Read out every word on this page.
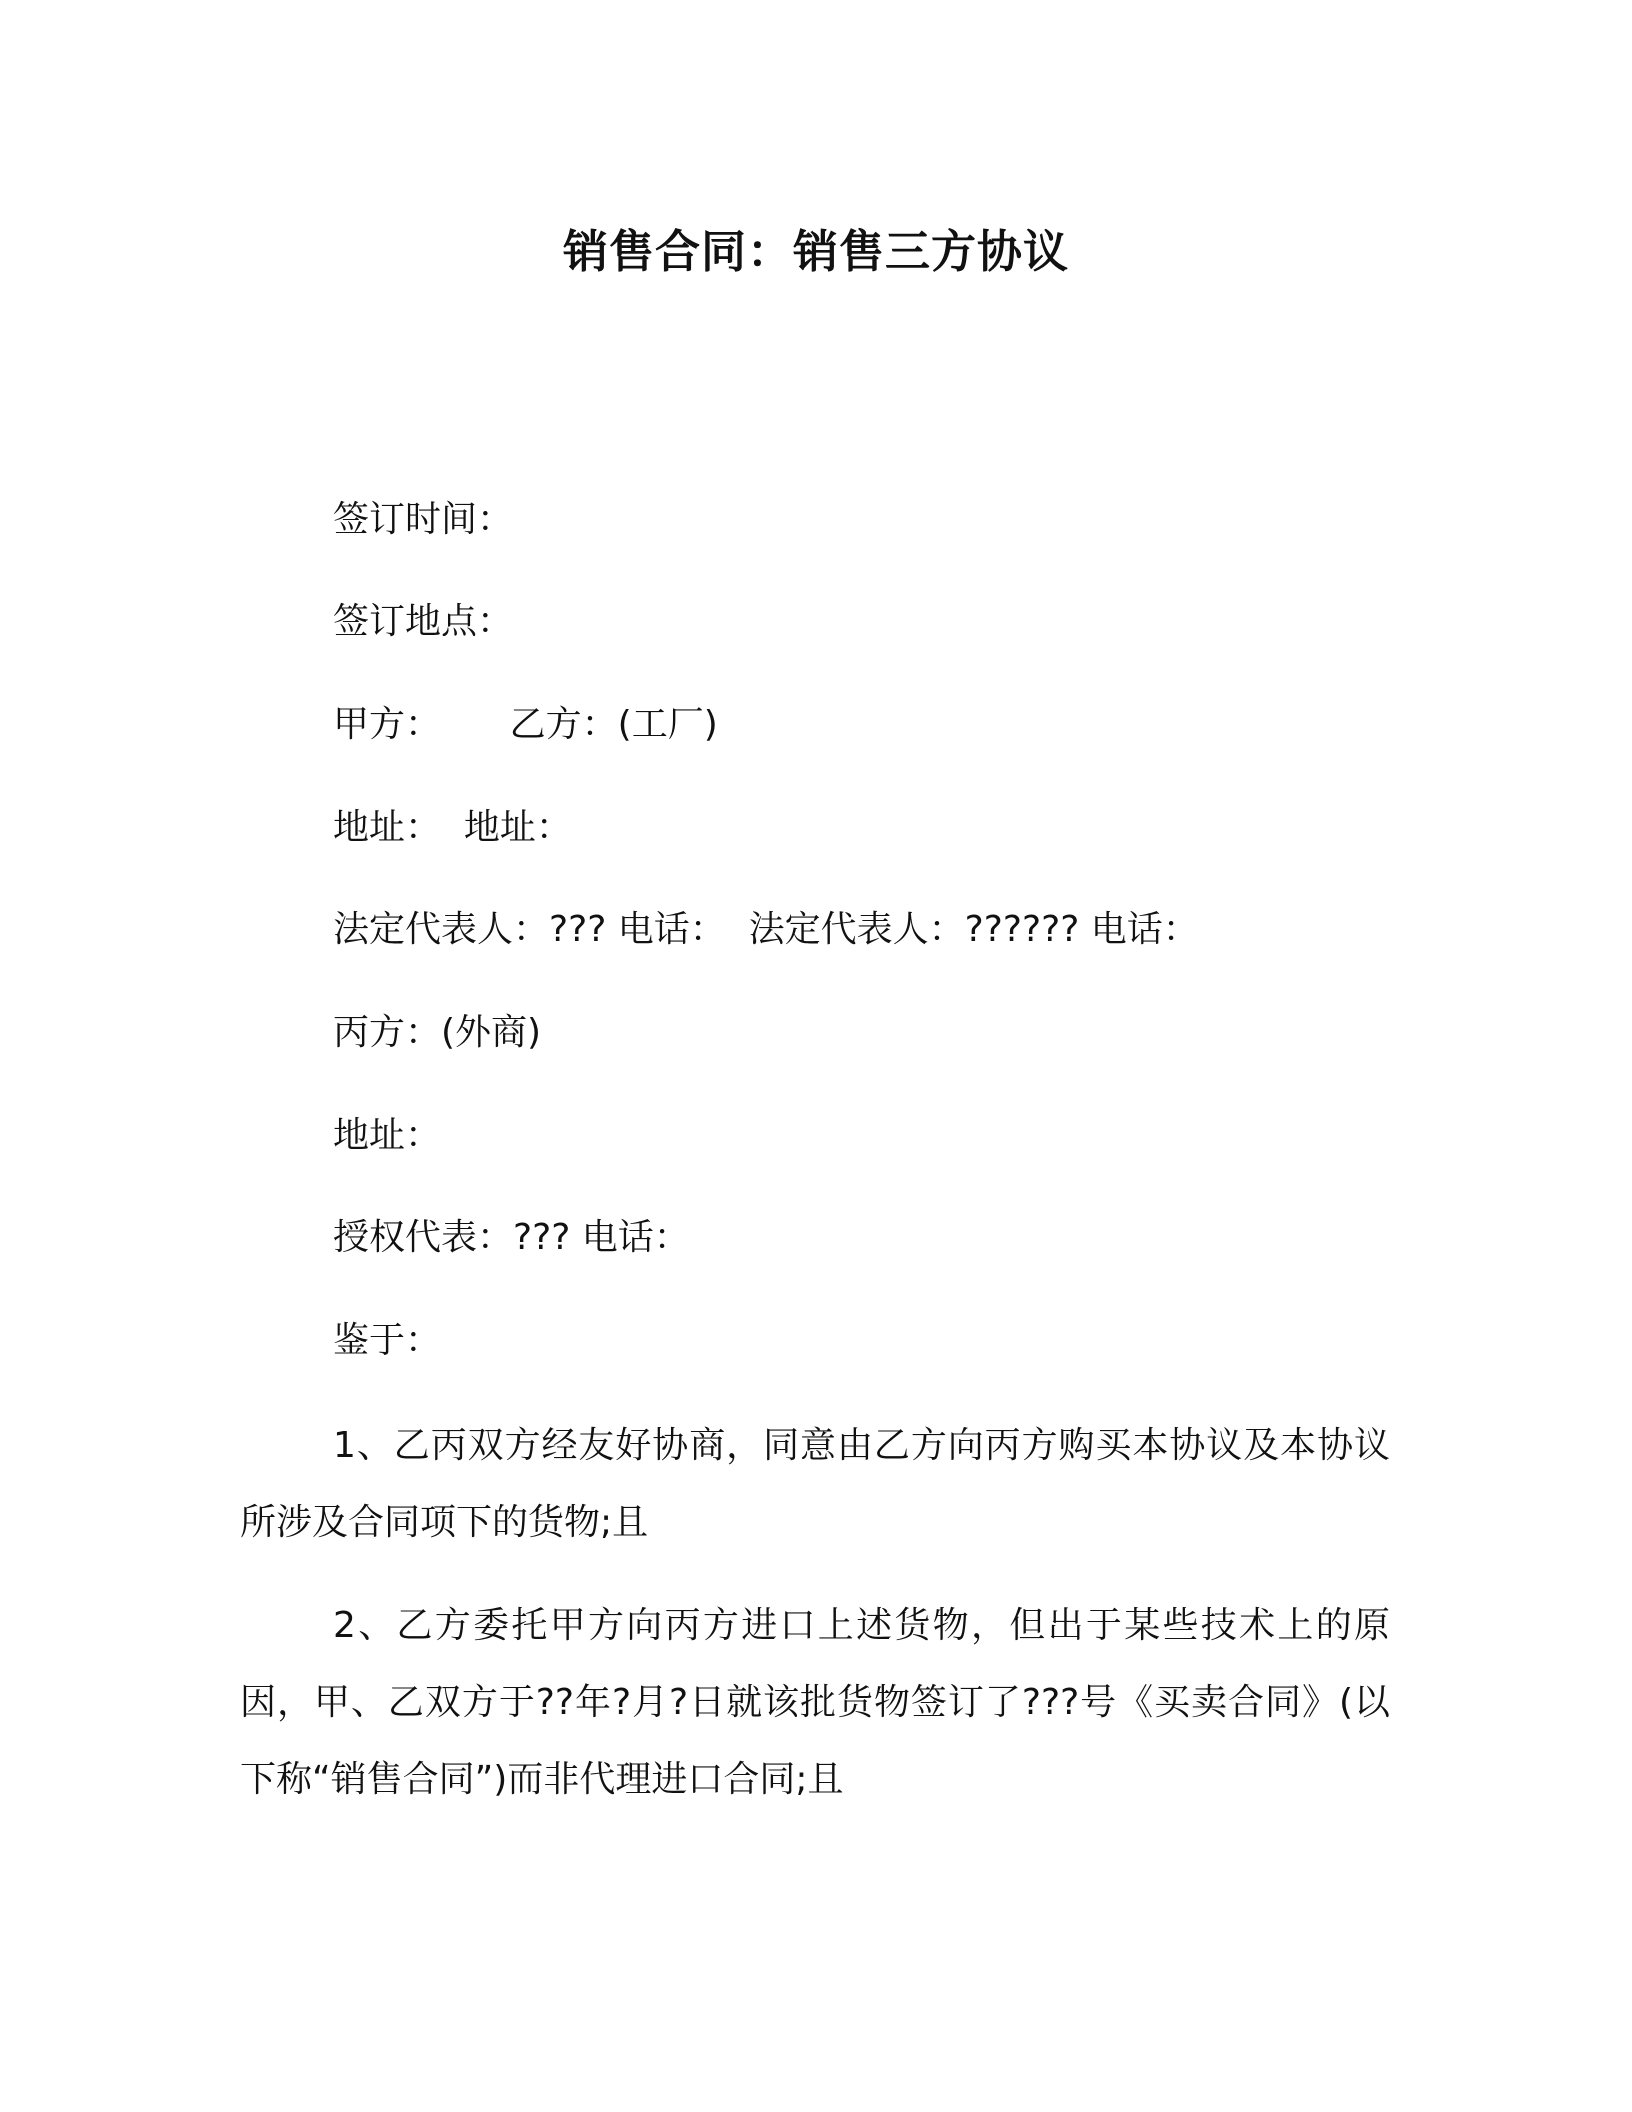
销售合同：销售三方协议
签订时间：
签订地点：
甲方：      乙方：(工厂)
地址：  地址：
法定代表人：??? 电话：  法定代表人：?????? 电话：
丙方：(外商)
地址：
授权代表：??? 电话：
鉴于：
1、乙丙双方经友好协商，同意由乙方向丙方购买本协议及本协议所涉及合同项下的货物;且
2、乙方委托甲方向丙方进口上述货物，但出于某些技术上的原因，甲、乙双方于??年?月?日就该批货物签订了???号《买卖合同》(以下称“销售合同”)而非代理进口合同;且
